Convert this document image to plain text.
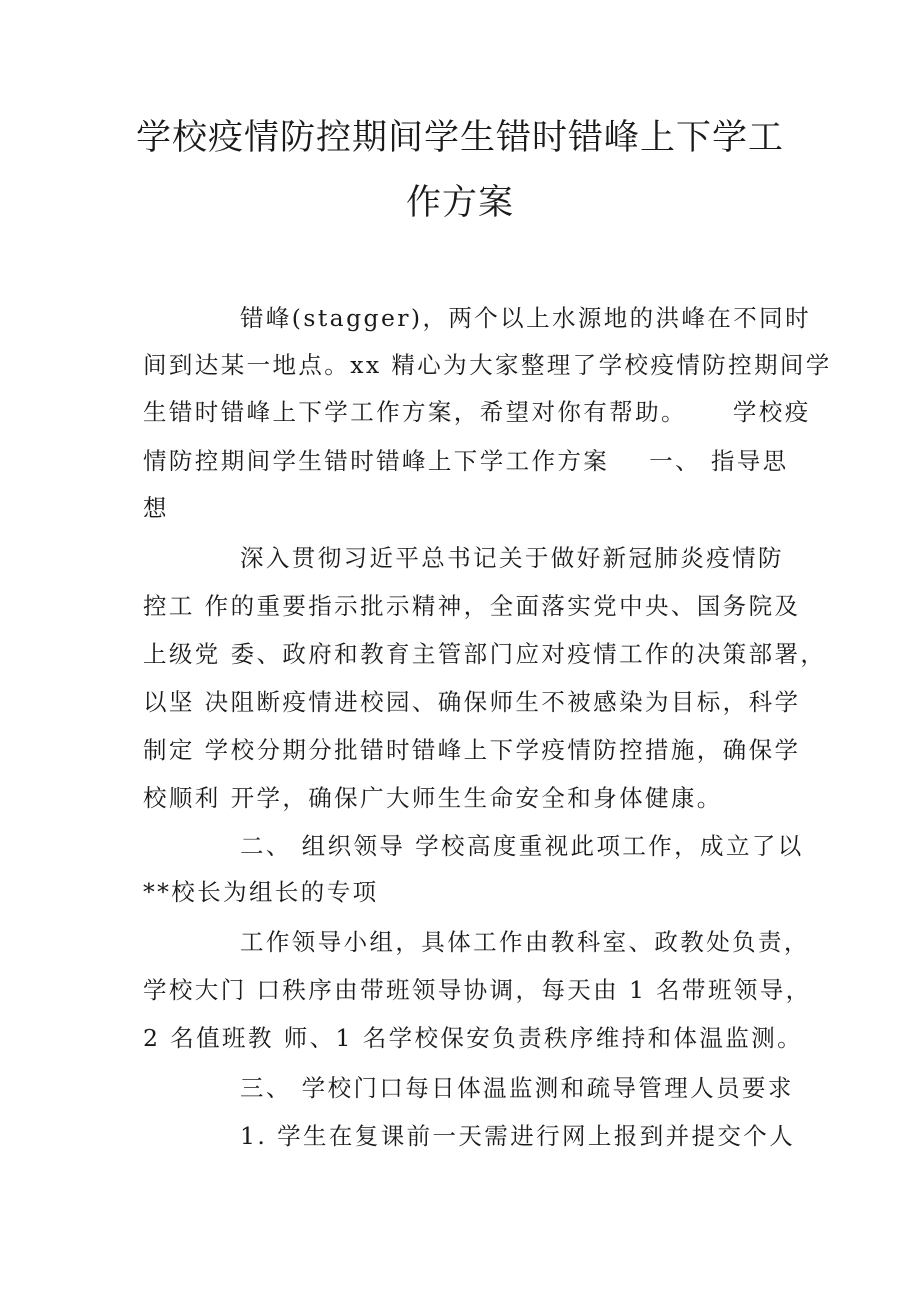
学校疫情防控期间学生错时错峰上下学工
作方案

错峰(stagger)，两个以上水源地的洪峰在不同时

间到达某一地点。xx 精心为大家整理了学校疫情防控期间学

生错时错峰上下学工作方案，希望对你有帮助。 学校疫

情防控期间学生错时错峰上下学工作方案 一、 指导思

想

深入贯彻习近平总书记关于做好新冠肺炎疫情防

控工 作的重要指示批示精神，全面落实党中央、国务院及

上级党 委、政府和教育主管部门应对疫情工作的决策部署，

以坚 决阻断疫情进校园、确保师生不被感染为目标，科学

制定 学校分期分批错时错峰上下学疫情防控措施，确保学

校顺利 开学，确保广大师生生命安全和身体健康。

二、 组织领导 学校高度重视此项工作，成立了以

**校长为组长的专项

工作领导小组，具体工作由教科室、政教处负责，

学校大门 口秩序由带班领导协调，每天由 1 名带班领导，

2 名值班教 师、1 名学校保安负责秩序维持和体温监测。

三、 学校门口每日体温监测和疏导管理人员要求

1. 学生在复课前一天需进行网上报到并提交个人
